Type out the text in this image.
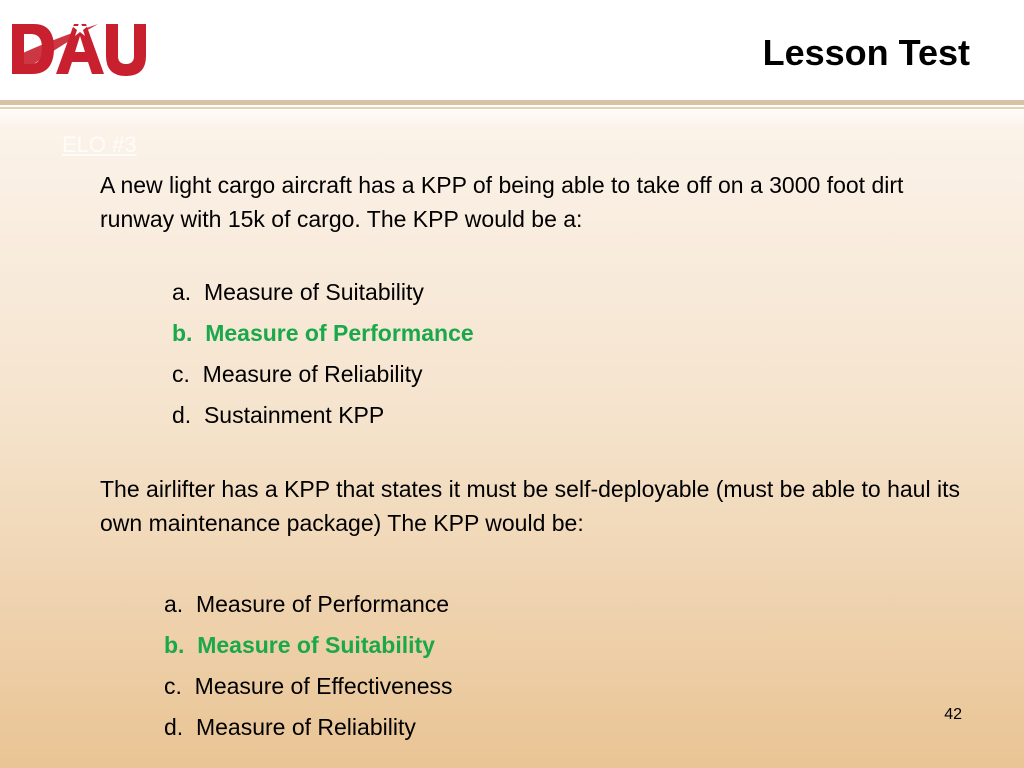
Lesson Test
ELO #3
A new light cargo aircraft has a KPP of being able to take off on a 3000 foot dirt runway with 15k of cargo. The KPP would be a:
a.  Measure of Suitability
b.  Measure of Performance
c.  Measure of Reliability
d.  Sustainment KPP
The airlifter has a KPP that states it must be self-deployable (must be able to haul its own maintenance package) The KPP would be:
a.  Measure of Performance
b.  Measure of Suitability
c.  Measure of Effectiveness
d.  Measure of Reliability	42
